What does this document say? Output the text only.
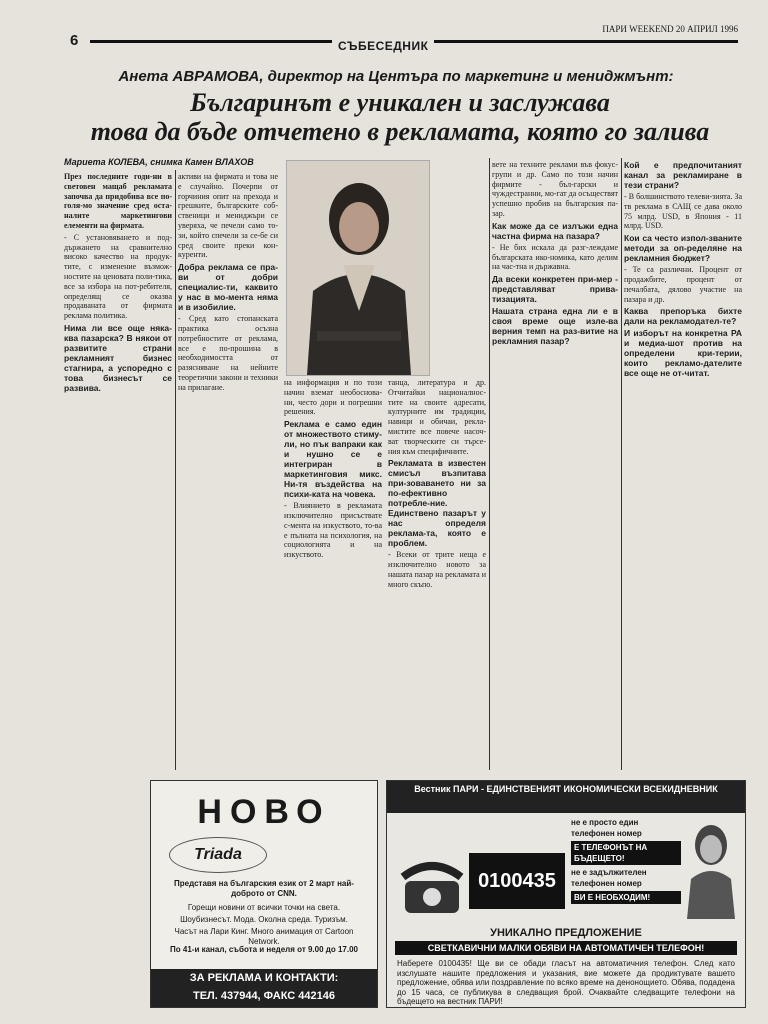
6
ПАРИ WEEKEND 20 АПРИЛ 1996
СЪБЕСЕДНИК
Анета АВРАМОВА, директор на Центъра по маркетинг и мениджмънт:
Българинът е уникален и заслужава
това да бъде отчетено в рекламата, която го залива
Мариета КОЛЕВА, снимка Камен ВЛАХОВ

През последните годи-ни в световен мащаб рекламата започва да придобива все по-голя-мо значение сред оста-налите маркетингови елементи на фирмата.

- С установяването и под-държането на сравнително високо качество на продук-тите, с изменение възмож-ностите на ценовата поли-тика, все за избора на пот-ребителя, определящ се оказва продаваната от фирмата реклама политика.

Нима ли все още няка-ква пазарска? В някои от развитите страни рекламният бизнес стагнира, а успоредно с това бизнесът се развива.

активи на фирмата и това не е случайно. Почерпи от горчиния опит на прехода и грешките, българските соб-ственици и мениджъри се уверяха, че печели само то-зи, който спечели за се-бе си сред своите преки кон-куренти.

Добра реклама се пра-ви от добри специалис-ти, каквито у нас в мо-мента няма и в изобилие.

- Сред като стопанската практика осъзна потребностите от реклама, все е по-прошина в необходимостта от разясняване на нейните теоретични закони и техники на прилагане.

на информация и по този начин вземат необоснова-ни, често дори и погрешни решения.

Реклама е само един от множеството стиму-ли, но пък вапраки как и нушно се е интегриран в маркетинговия микс. Ни-тя въздейства на психи-ката на човека.

- Влиянието в рекламата изключително присъствате с-мента на изкуството, то-ва е пълната на психология, на социологията и на изкуството.

танца, литература и др. Отчитайки националнос-тите на своите адресати, културните им традиции, навици и обичаи, рекла-мистите все повече насоч-ват творческите си търсе-ния към специфичните.

Рекламата в известен смисъл възпитава при-зоваването ни за по-ефективно потребле-ние. Единствено пазарът у нас определя реклама-та, която е проблем.

- Всеки от трите неща е изключително новото за нашата пазар на рекламата и много скъпо.

вете на техните реклами във фокус-групи и др. Само по този начин фирмите - бъл-гарски и чуждестранни, мо-гат да осъществят успешно пробив на българския па-зар.

Как може да се излъжи една частна фирма на пазара?

- Не бих искала да разг-леждаме българската ико-номика, като делим на час-тна и държавна.

Да всеки конкретен при-мер - представляват прива-тизацията.

Нашата страна една ли е в своя време още изле-ва верния темп на раз-витие на рекламния пазар?

Кой е предпочитаният канал за рекламиране в тези страни?

- В болшинството телеви-зията. За тв реклама в САЩ се дава около 75 млрд. USD, в Япония - 11 млрд. USD.

Кои са често изпол-званите методи за оп-ределяне на рекламния бюджет?

- Те са различни. Процент от продажбите, процент от печалбата, дялово участие на пазара и др.

Каква препоръка бихте дали на рекламодател-те?

И изборът на конкретна РА и медиа-шот против на определени кри-терии, които рекламо-дателите все още не от-читат.

НОВО
Triada
Представя на българския език от 2 март най-доброто от CNN.
Горещи новини от всички точки на света.
Шоубизнесът. Мода. Околна среда. Туризъм.
Часът на Лари Кинг. Много анимация от Cartoon Network.
По 41-и канал, събота и неделя от 9.00 до 17.00
ЗА РЕКЛАМА И КОНТАКТИ:
ТЕЛ. 437944, ФАКС 442146
Вестник ПАРИ - ЕДИНСТВЕНИЯТ ИКОНОМИЧЕСКИ ВСЕКИДНЕВНИК
0100435
не е просто един телефонен номер
Е ТЕЛЕФОНЪТ НА БЪДЕЩЕТО!
не е задължителен телефонен номер
ВИ Е НЕОБХОДИМ!
УНИКАЛНО ПРЕДЛОЖЕНИЕ
СВЕТКАВИЧНИ МАЛКИ ОБЯВИ НА АВТОМАТИЧЕН ТЕЛЕФОН!
Наберете 0100435! Ще ви се обади гласът на автоматичния телефон. След като изслушате нашите предложения и указания, вие можете да продиктувате вашето предложение, обява или поздравление по всяко време на денонощието. Обява, подадена до 15 часа, се публикува в следващия брой. Очаквайте следващите телефони на бъдещето на вестник ПАРИ!
